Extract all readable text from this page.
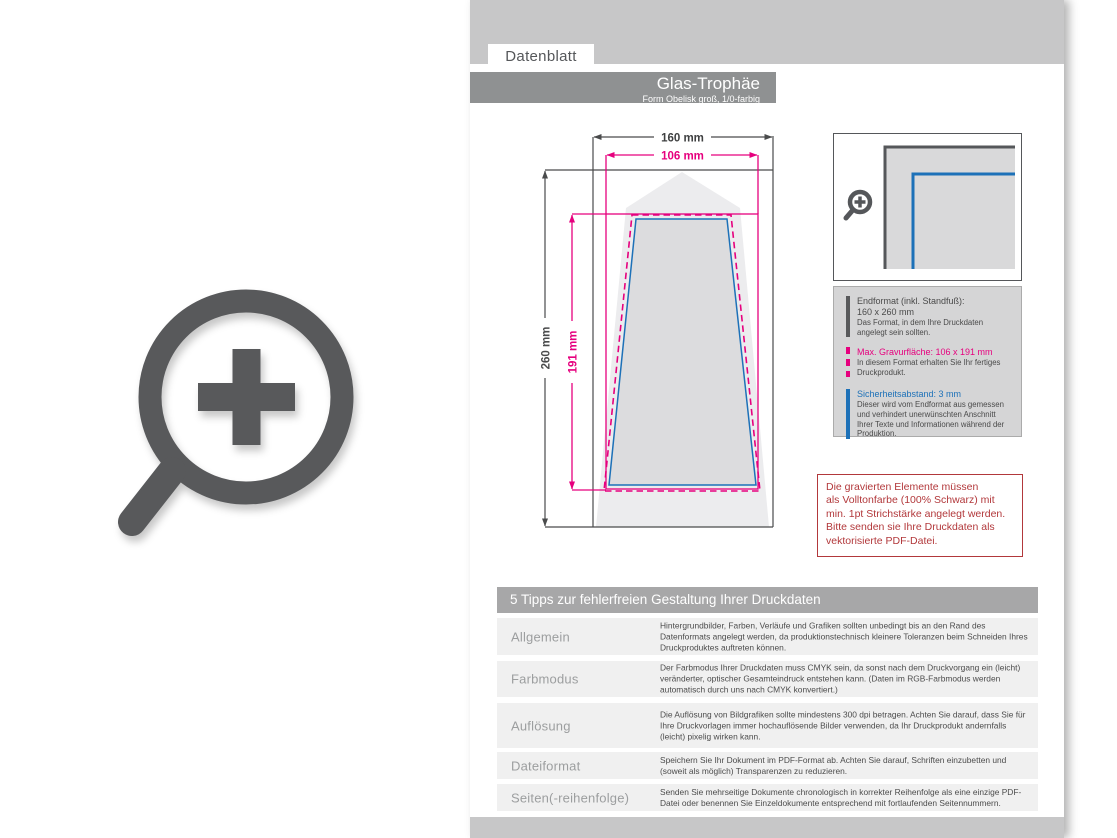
Datenblatt
Glas-Trophäe
Form Obelisk groß, 1/0-farbig
160 mm
106 mm
260 mm 191 mm
Endformat (inkl. Standfuß):
160 x 260 mm
Das Format, in dem Ihre Druckdaten angelegt sein sollten.
Max. Gravurfläche: 106 x 191 mm
In diesem Format erhalten Sie Ihr fertiges Druckprodukt.
Sicherheitsabstand: 3 mm
Dieser wird vom Endformat aus gemessen und verhindert unerwünschten Anschnitt Ihrer Texte und Informationen während der Produktion.
Die gravierten Elemente müssen
als Volltonfarbe (100% Schwarz) mit
min. 1pt Strichstärke angelegt werden.
Bitte senden sie Ihre Druckdaten als
vektorisierte PDF-Datei.
5 Tipps zur fehlerfreien Gestaltung Ihrer Druckdaten
Allgemein
Hintergrundbilder, Farben, Verläufe und Grafiken sollten unbedingt bis an den Rand des Datenformats angelegt werden, da produktionstechnisch kleinere Toleranzen beim Schneiden Ihres Druckproduktes auftreten können.
Farbmodus
Der Farbmodus Ihrer Druckdaten muss CMYK sein, da sonst nach dem Druckvorgang ein (leicht) veränderter, optischer Gesamteindruck entstehen kann. (Daten im RGB-Farbmodus werden automatisch durch uns nach CMYK konvertiert.)
Auflösung
Die Auflösung von Bildgrafiken sollte mindestens 300 dpi betragen. Achten Sie darauf, dass Sie für Ihre Druckvorlagen immer hochauflösende Bilder verwenden, da Ihr Druckprodukt andernfalls (leicht) pixelig wirken kann.
Dateiformat	Speichern Sie Ihr Dokument im PDF-Format ab. Achten Sie darauf, Schriften einzubetten und (soweit als möglich) Transparenzen zu reduzieren.
Seiten(-reihenfolge)	Senden Sie mehrseitige Dokumente chronologisch in korrekter Reihenfolge als eine einzige PDF-Datei oder benennen Sie Einzeldokumente entsprechend mit fortlaufenden Seitennummern.
